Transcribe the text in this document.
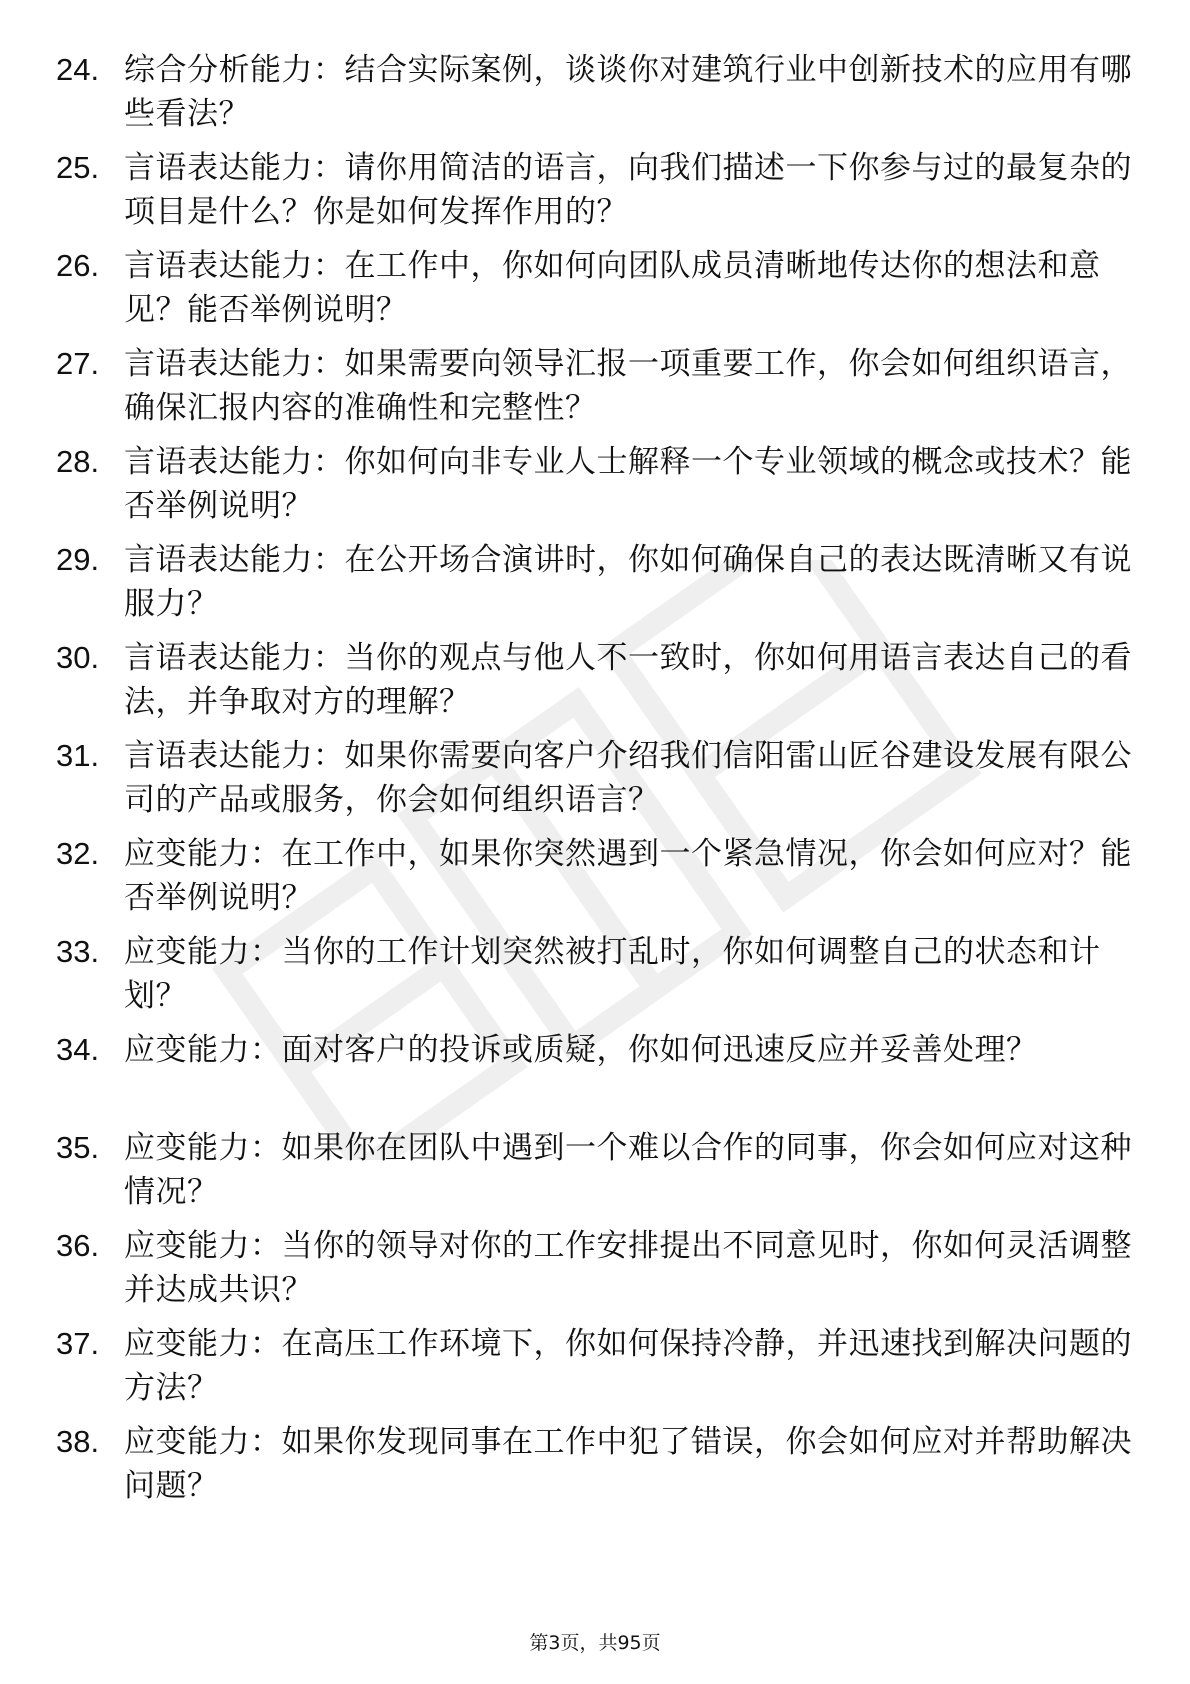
24. 综合分析能力：结合实际案例，谈谈你对建筑行业中创新技术的应用有哪些看法？
25. 言语表达能力：请你用简洁的语言，向我们描述一下你参与过的最复杂的项目是什么？你是如何发挥作用的？
26. 言语表达能力：在工作中，你如何向团队成员清晰地传达你的想法和意见？能否举例说明？
27. 言语表达能力：如果需要向领导汇报一项重要工作，你会如何组织语言，确保汇报内容的准确性和完整性？
28. 言语表达能力：你如何向非专业人士解释一个专业领域的概念或技术？能否举例说明？
29. 言语表达能力：在公开场合演讲时，你如何确保自己的表达既清晰又有说服力？
30. 言语表达能力：当你的观点与他人不一致时，你如何用语言表达自己的看法，并争取对方的理解？
31. 言语表达能力：如果你需要向客户介绍我们信阳雷山匠谷建设发展有限公司的产品或服务，你会如何组织语言？
32. 应变能力：在工作中，如果你突然遇到一个紧急情况，你会如何应对？能否举例说明？
33. 应变能力：当你的工作计划突然被打乱时，你如何调整自己的状态和计划？
34. 应变能力：面对客户的投诉或质疑，你如何迅速反应并妥善处理？
35. 应变能力：如果你在团队中遇到一个难以合作的同事，你会如何应对这种情况？
36. 应变能力：当你的领导对你的工作安排提出不同意见时，你如何灵活调整并达成共识？
37. 应变能力：在高压工作环境下，你如何保持冷静，并迅速找到解决问题的方法？
38. 应变能力：如果你发现同事在工作中犯了错误，你会如何应对并帮助解决问题？
第3页，共95页
